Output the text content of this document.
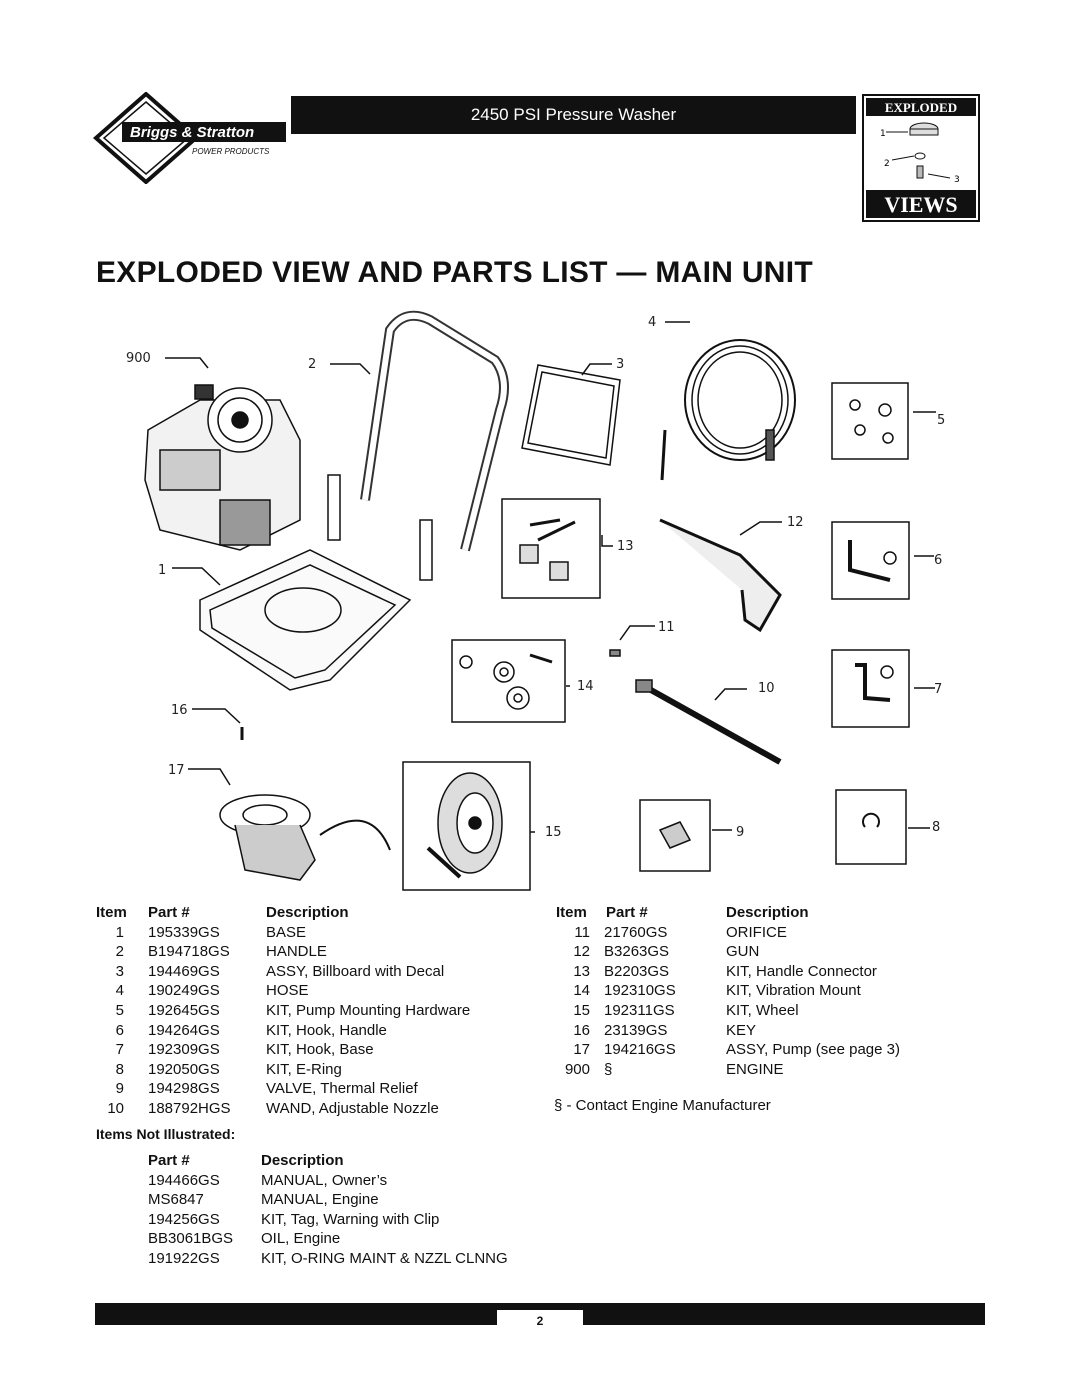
Briggs & Stratton
POWER PRODUCTS
2450 PSI Pressure Washer	EXPLODED
1
2
3
VIEWS
EXPLODED VIEW AND PARTS LIST — MAIN UNIT
900	2	3
4
5
1
13
12
6
11
14	10	7
16
17
15	9	8
Item Part #	Description
1 195339GS	BASE
2 B194718GS HANDLE
3 194469GS	ASSY, Billboard with Decal
4 190249GS	HOSE
5 192645GS	KIT, Pump Mounting Hardware
6 194264GS	KIT, Hook, Handle
7 192309GS	KIT, Hook, Base
8 192050GS	KIT, E-Ring
9 194298GS	VALVE, Thermal Relief
10 188792HGS WAND, Adjustable Nozzle
Item Part #	Description
11 21760GS	ORIFICE
12 B3263GS	GUN
13 B2203GS	KIT, Handle Connector
14 192310GS	KIT, Vibration Mount
15 192311GS	KIT, Wheel
16 23139GS	KEY
17 194216GS	ASSY, Pump (see page 3)
900 §	ENGINE
§ - Contact Engine Manufacturer
Items Not Illustrated:
Part #	Description
194466GS	MANUAL, Owner’s
MS6847	MANUAL, Engine
194256GS	KIT, Tag, Warning with Clip
BB3061BGS OIL, Engine
191922GS	KIT, O-RING MAINT & NZZL CLNNG
2
